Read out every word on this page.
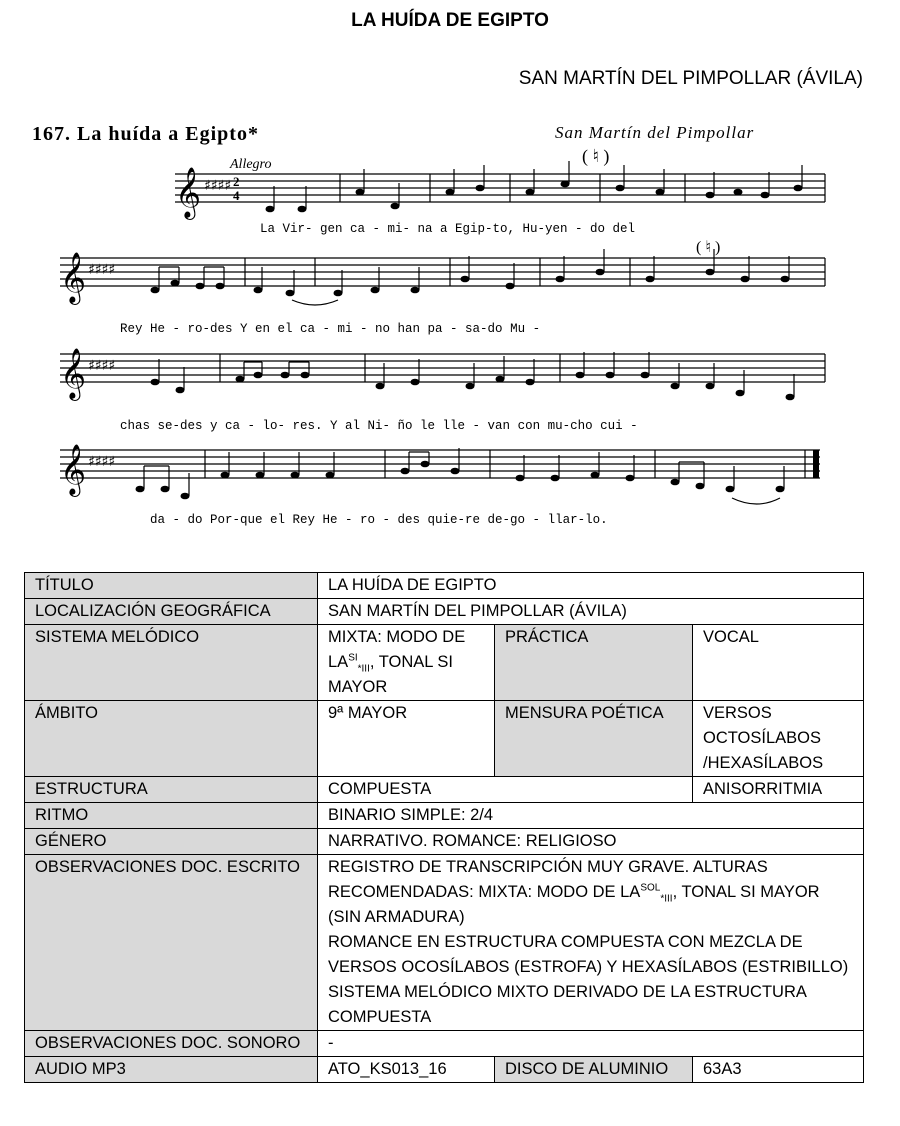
LA HUÍDA DE EGIPTO
SAN MARTÍN DEL PIMPOLLAR (ÁVILA)
167. La huída a Egipto*	San Martín del Pimpollar
Allegro	( ♮ )
( ♮ )
𝄞 ♯♯♯♯ 2
4
La Vir- gen ca - mi- na a Egip-to, Hu-yen - do del
𝄞 ♯♯♯♯
Rey He - ro-des Y en el ca - mi - no han pa - sa-do Mu -
𝄞 ♯♯♯♯
chas se-des y ca - lo- res. Y al Ni- ño le lle - van con mu-cho cui -
𝄞 ♯♯♯♯
da - do Por-que el Rey He - ro - des quie-re de-go - llar-lo.
TÍTULO	LA HUÍDA DE EGIPTO		
LOCALIZACIÓN GEOGRÁFICA	SAN MARTÍN DEL PIMPOLLAR (ÁVILA)		
SISTEMA MELÓDICO	MIXTA: MODO DE $LA^{SI}_{*III}$, TONAL SI MAYOR	PRÁCTICA	VOCAL
ÁMBITO	9ª MAYOR	MENSURA POÉTICA	VERSOS OCTOSÍLABOS /HEXASÍLABOS
ESTRUCTURA	COMPUESTA		ANISORRITMIA
RITMO	BINARIO SIMPLE: 2/4		
GÉNERO	NARRATIVO. ROMANCE: RELIGIOSO		
OBSERVACIONES DOC. ESCRITO	REGISTRO DE TRANSCRIPCIÓN MUY GRAVE. ALTURAS RECOMENDADAS: MIXTA: MODO DE $LA^{SOL}_{*III}$, TONAL SI MAYOR (SIN ARMADURA)
ROMANCE EN ESTRUCTURA COMPUESTA CON MEZCLA DE VERSOS OCOSÍLABOS (ESTROFA) Y HEXASÍLABOS (ESTRIBILLO)
SISTEMA MELÓDICO MIXTO DERIVADO DE LA ESTRUCTURA COMPUESTA		

OBSERVACIONES DOC. SONORO	-		
AUDIO MP3	ATO_KS013_16	DISCO DE ALUMINIO	63A3
